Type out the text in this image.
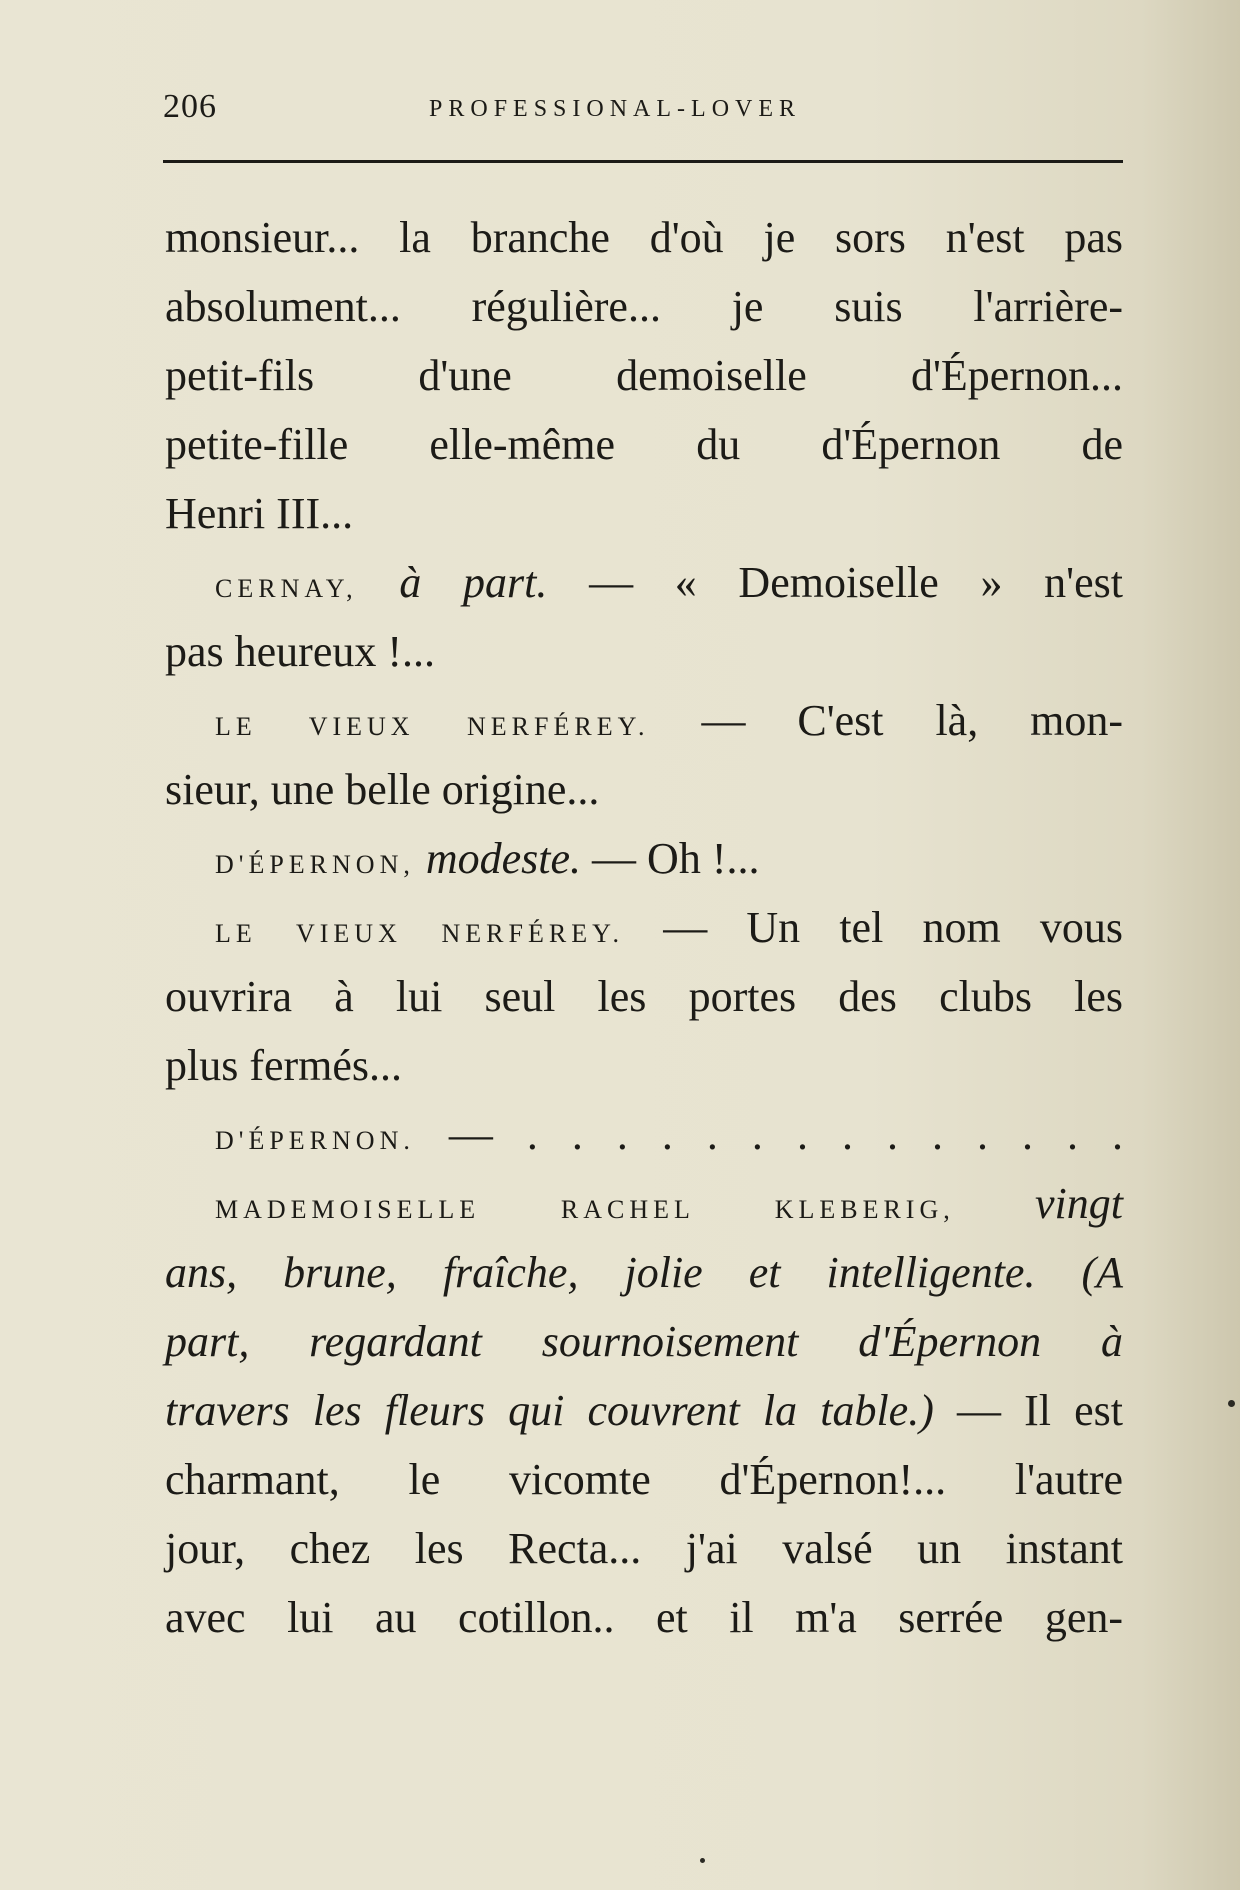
206	PROFESSIONAL-LOVER
monsieur... la branche d'où je sors n'est pas
absolument... régulière... je suis l'arrière-
petit-fils d'une demoiselle d'Épernon...
petite-fille elle-même du d'Épernon de
Henri III...
CERNAY, à part. — « Demoiselle » n'est
pas heureux !...
LE VIEUX NERFÉREY. — C'est là, mon-
sieur, une belle origine...
D'ÉPERNON, modeste. — Oh !...
LE VIEUX NERFÉREY. — Un tel nom vous
ouvrira à lui seul les portes des clubs les
plus fermés...
D'ÉPERNON. — . . . . . . . . . . . . . .
MADEMOISELLE RACHEL KLEBERIG, vingt
ans, brune, fraîche, jolie et intelligente. (A
part, regardant sournoisement d'Épernon à
travers les fleurs qui couvrent la table.) — Il est
charmant, le vicomte d'Épernon!... l'autre
jour, chez les Recta... j'ai valsé un instant
avec lui au cotillon.. et il m'a serrée gen-
